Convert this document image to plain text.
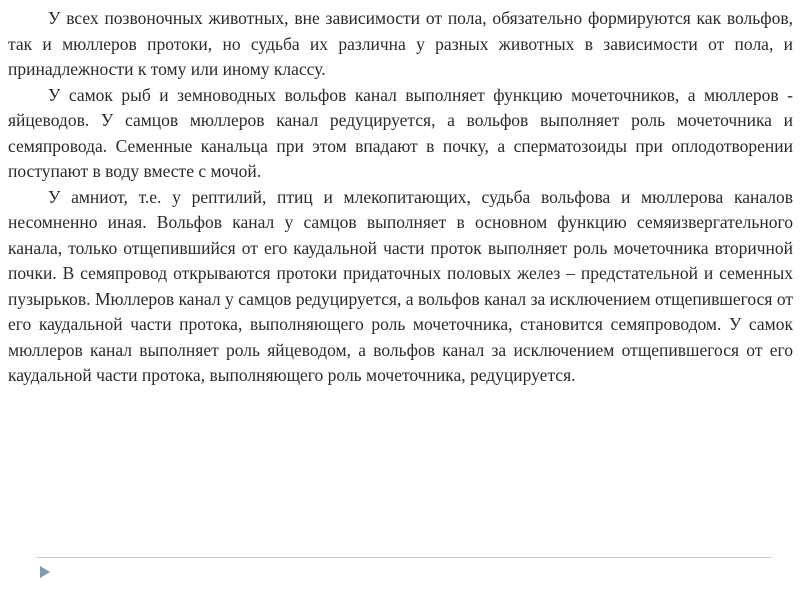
У всех позвоночных животных, вне зависимости от пола, обязательно формируются как вольфов, так и мюллеров протоки, но судьба их различна у разных животных в зависимости от пола, и принадлежности к тому или иному классу.

У самок рыб и земноводных вольфов канал выполняет функцию мочеточников, а мюллеров - яйцеводов. У самцов мюллеров канал редуцируется, а вольфов выполняет роль мочеточника и семяпровода. Семенные канальца при этом впадают в почку, а сперматозоиды при оплодотворении поступают в воду вместе с мочой.

У амниот, т.е. у рептилий, птиц и млекопитающих, судьба вольфова и мюллерова каналов несомненно иная. Вольфов канал у самцов выполняет в основном функцию семяизвергательного канала, только отщепившийся от его каудальной части проток выполняет роль мочеточника вторичной почки. В семяпровод открываются протоки придаточных половых желез – предстательной и семенных пузырьков. Мюллеров канал у самцов редуцируется, а вольфов канал за исключением отщепившегося от его каудальной части протока, выполняющего роль мочеточника, становится семяпроводом. У самок мюллеров канал выполняет роль яйцеводом, а вольфов канал за исключением отщепившегося от его каудальной части протока, выполняющего роль мочеточника, редуцируется.
